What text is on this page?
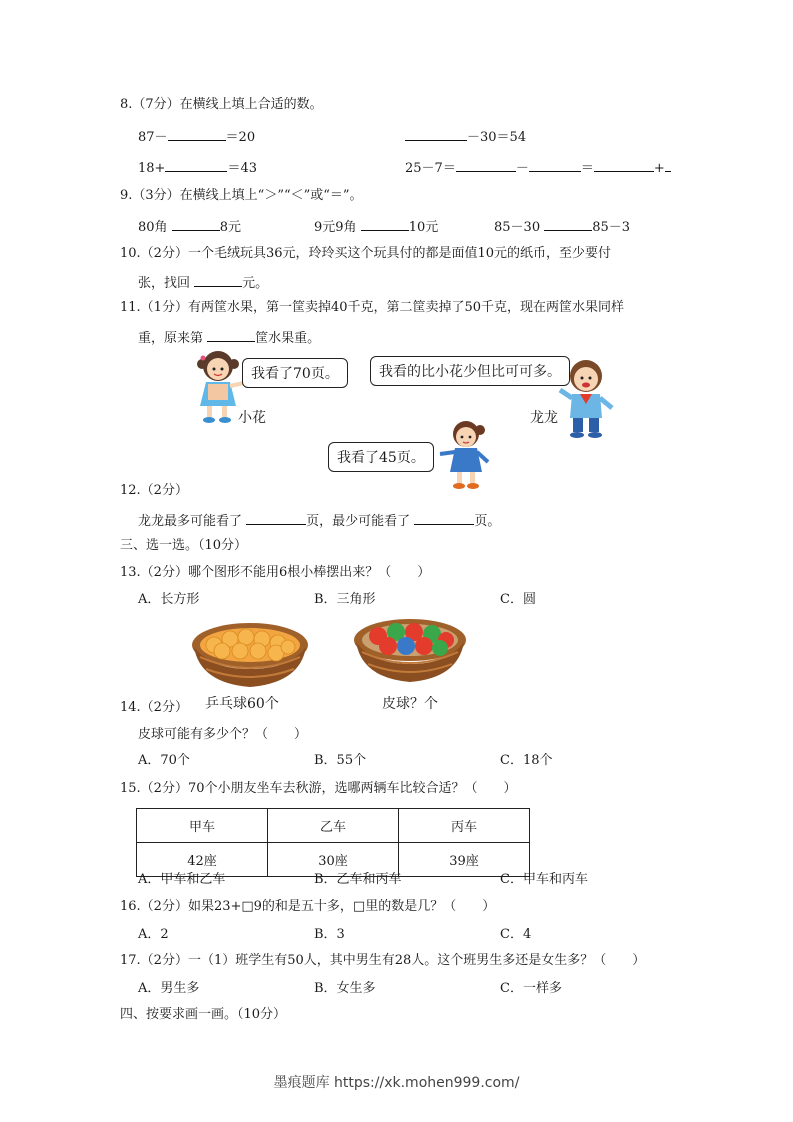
8.（7分）在横线上填上合适的数。
87－	＝20	－30＝54
18+	＝43	25－7＝	－	＝	+
9.（3分）在横线上填上“＞”“＜”或“＝”。
80角	8元	9元9角	10元	85－30	85－3
10.（2分）一个毛绒玩具36元，玲玲买这个玩具付的都是面值10元的纸币，至少要付
张，找回	元。
11.（1分）有两筐水果，第一筐卖掉40千克，第二筐卖掉了50千克，现在两筐水果同样
重，原来第	筐水果重。
我看了70页。
小花
我看的比小花少但比可可多。
龙龙
我看了45页。
12.（2分）
龙龙最多可能看了	页，最少可能看了	页。
三、选一选。（10分）
13.（2分）哪个图形不能用6根小棒摆出来？（　　）
A．长方形	B．三角形	C．圆
乒乓球60个	皮球？个
14.（2分）
皮球可能有多少个？（　　）
A．70个	B．55个	C．18个
15.（2分）70个小朋友坐车去秋游，选哪两辆车比较合适？（　　）
甲车	乙车	丙车
42座	30座	39座
A．甲车和乙车	B．乙车和丙车	C．甲车和丙车
16.（2分）如果23+□9的和是五十多，□里的数是几？（　　）
A．2	B．3	C．4
17.（2分）一（1）班学生有50人，其中男生有28人。这个班男生多还是女生多？（　　）
A．男生多	B．女生多	C．一样多
四、按要求画一画。（10分）
墨痕题库 https://xk.mohen999.com/
